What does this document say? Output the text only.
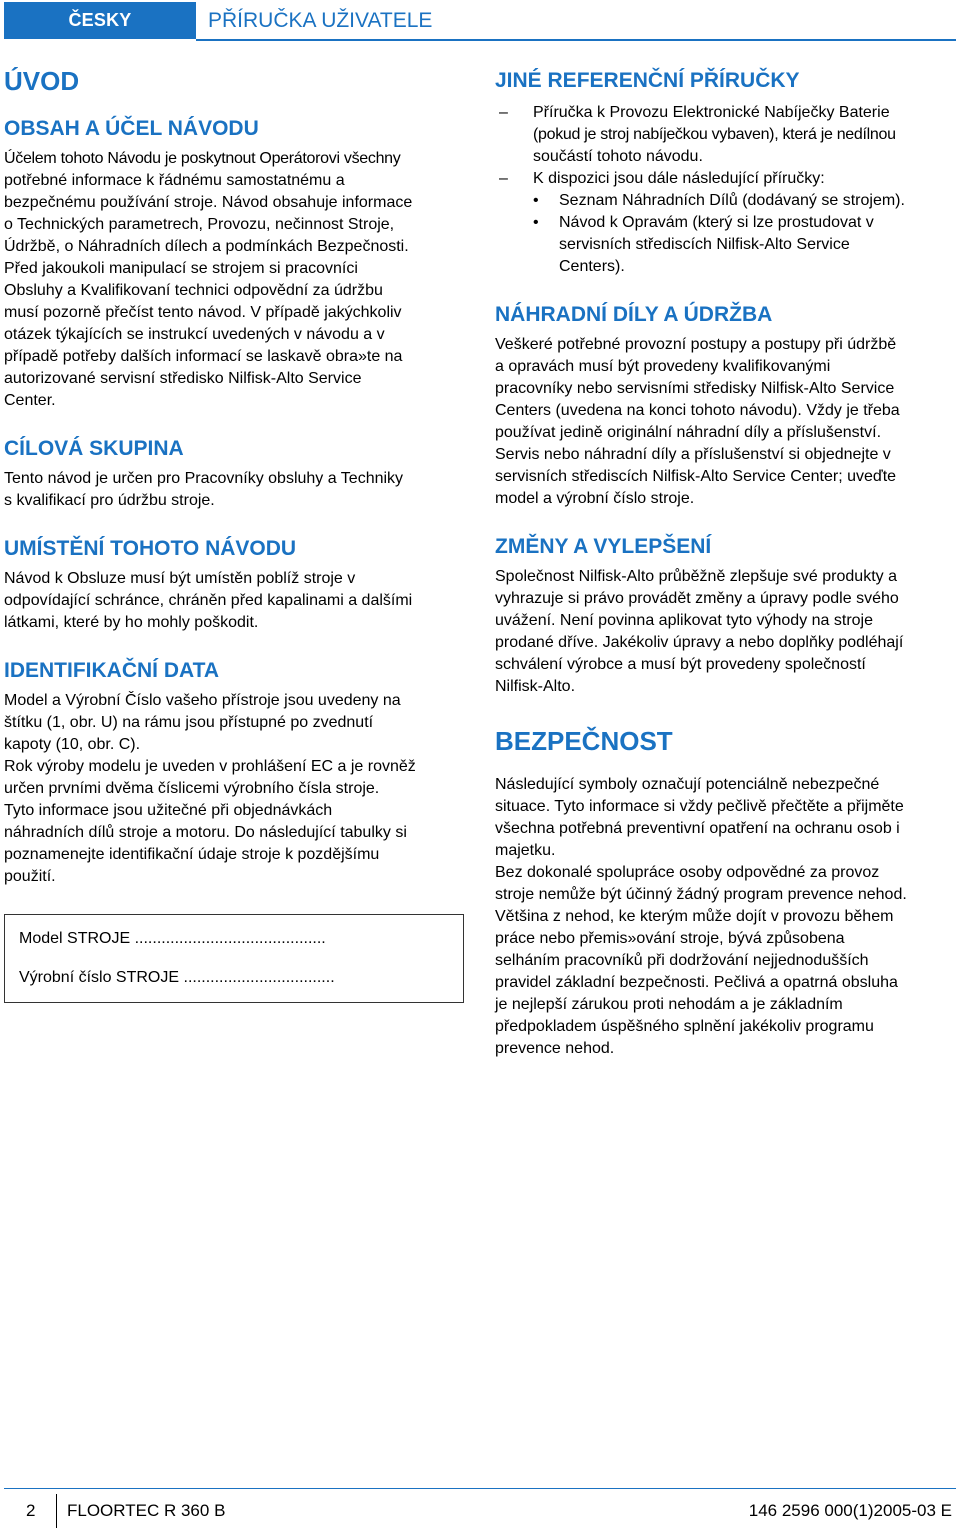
ČESKY	PŘÍRUČKA UŽIVATELE
ÚVOD
OBSAH A ÚČEL NÁVODU
Účelem tohoto Návodu je poskytnout Operátorovi všechny
potřebné informace k řádnému samostatnému a
bezpečnému používání stroje. Návod obsahuje informace
o Technických parametrech, Provozu, nečinnost Stroje,
Údržbě, o Náhradních dílech a podmínkách Bezpečnosti.
Před jakoukoli manipulací se strojem si pracovníci
Obsluhy a Kvalifikovaní technici odpovědní za údržbu
musí pozorně přečíst tento návod. V případě jakýchkoliv
otázek týkajících se instrukcí uvedených v návodu a v
případě potřeby dalších informací se laskavě obra»te na
autorizované servisní středisko Nilfisk-Alto Service
Center.
CÍLOVÁ SKUPINA
Tento návod je určen pro Pracovníky obsluhy a Techniky
s kvalifikací pro údržbu stroje.
UMÍSTĚNÍ TOHOTO NÁVODU
Návod k Obsluze musí být umístěn poblíž stroje v
odpovídající schránce, chráněn před kapalinami a dalšími
látkami, které by ho mohly poškodit.
IDENTIFIKAČNÍ DATA
Model a Výrobní Číslo vašeho přístroje jsou uvedeny na
štítku (1, obr. U) na rámu jsou přístupné po zvednutí
kapoty (10, obr. C).
Rok výroby modelu je uveden v prohlášení EC a je rovněž
určen prvními dvěma číslicemi výrobního čísla stroje.
Tyto informace jsou užitečné při objednávkách
náhradních dílů stroje a motoru. Do následující tabulky si
poznamenejte identifikační údaje stroje k pozdějšímu
použití.
Model STROJE ...........................................
Výrobní číslo STROJE ..................................
JINÉ REFERENČNÍ PŘÍRUČKY
– Příručka k Provozu Elektronické Nabíječky Baterie
(pokud je stroj nabíječkou vybaven), která je nedílnou
součástí tohoto návodu.
– K dispozici jsou dále následující příručky:
• Seznam Náhradních Dílů (dodávaný se strojem).
• Návod k Opravám (který si lze prostudovat v
servisních střediscích Nilfisk-Alto Service
Centers).
NÁHRADNÍ DÍLY A ÚDRŽBA
Veškeré potřebné provozní postupy a postupy při údržbě
a opravách musí být provedeny kvalifikovanými
pracovníky nebo servisními středisky Nilfisk-Alto Service
Centers (uvedena na konci tohoto návodu). Vždy je třeba
používat jedině originální náhradní díly a příslušenství.
Servis nebo náhradní díly a příslušenství si objednejte v
servisních střediscích Nilfisk-Alto Service Center; uveďte
model a výrobní číslo stroje.
ZMĚNY A VYLEPŠENÍ
Společnost Nilfisk-Alto průběžně zlepšuje své produkty a
vyhrazuje si právo provádět změny a úpravy podle svého
uvážení. Není povinna aplikovat tyto výhody na stroje
prodané dříve. Jakékoliv úpravy a nebo doplňky podléhají
schválení výrobce a musí být provedeny společností
Nilfisk-Alto.
BEZPEČNOST
Následující symboly označují potenciálně nebezpečné
situace. Tyto informace si vždy pečlivě přečtěte a přijměte
všechna potřebná preventivní opatření na ochranu osob i
majetku.
Bez dokonalé spolupráce osoby odpovědné za provoz
stroje nemůže být účinný žádný program prevence nehod.
Většina z nehod, ke kterým může dojít v provozu během
práce nebo přemis»ování stroje, bývá způsobena
selháním pracovníků při dodržování nejjednodušších
pravidel základní bezpečnosti. Pečlivá a opatrná obsluha
je nejlepší zárukou proti nehodám a je základním
předpokladem úspěšného splnění jakékoliv programu
prevence nehod.
2 FLOORTEC R 360 B	146 2596 000(1)2005-03 E
